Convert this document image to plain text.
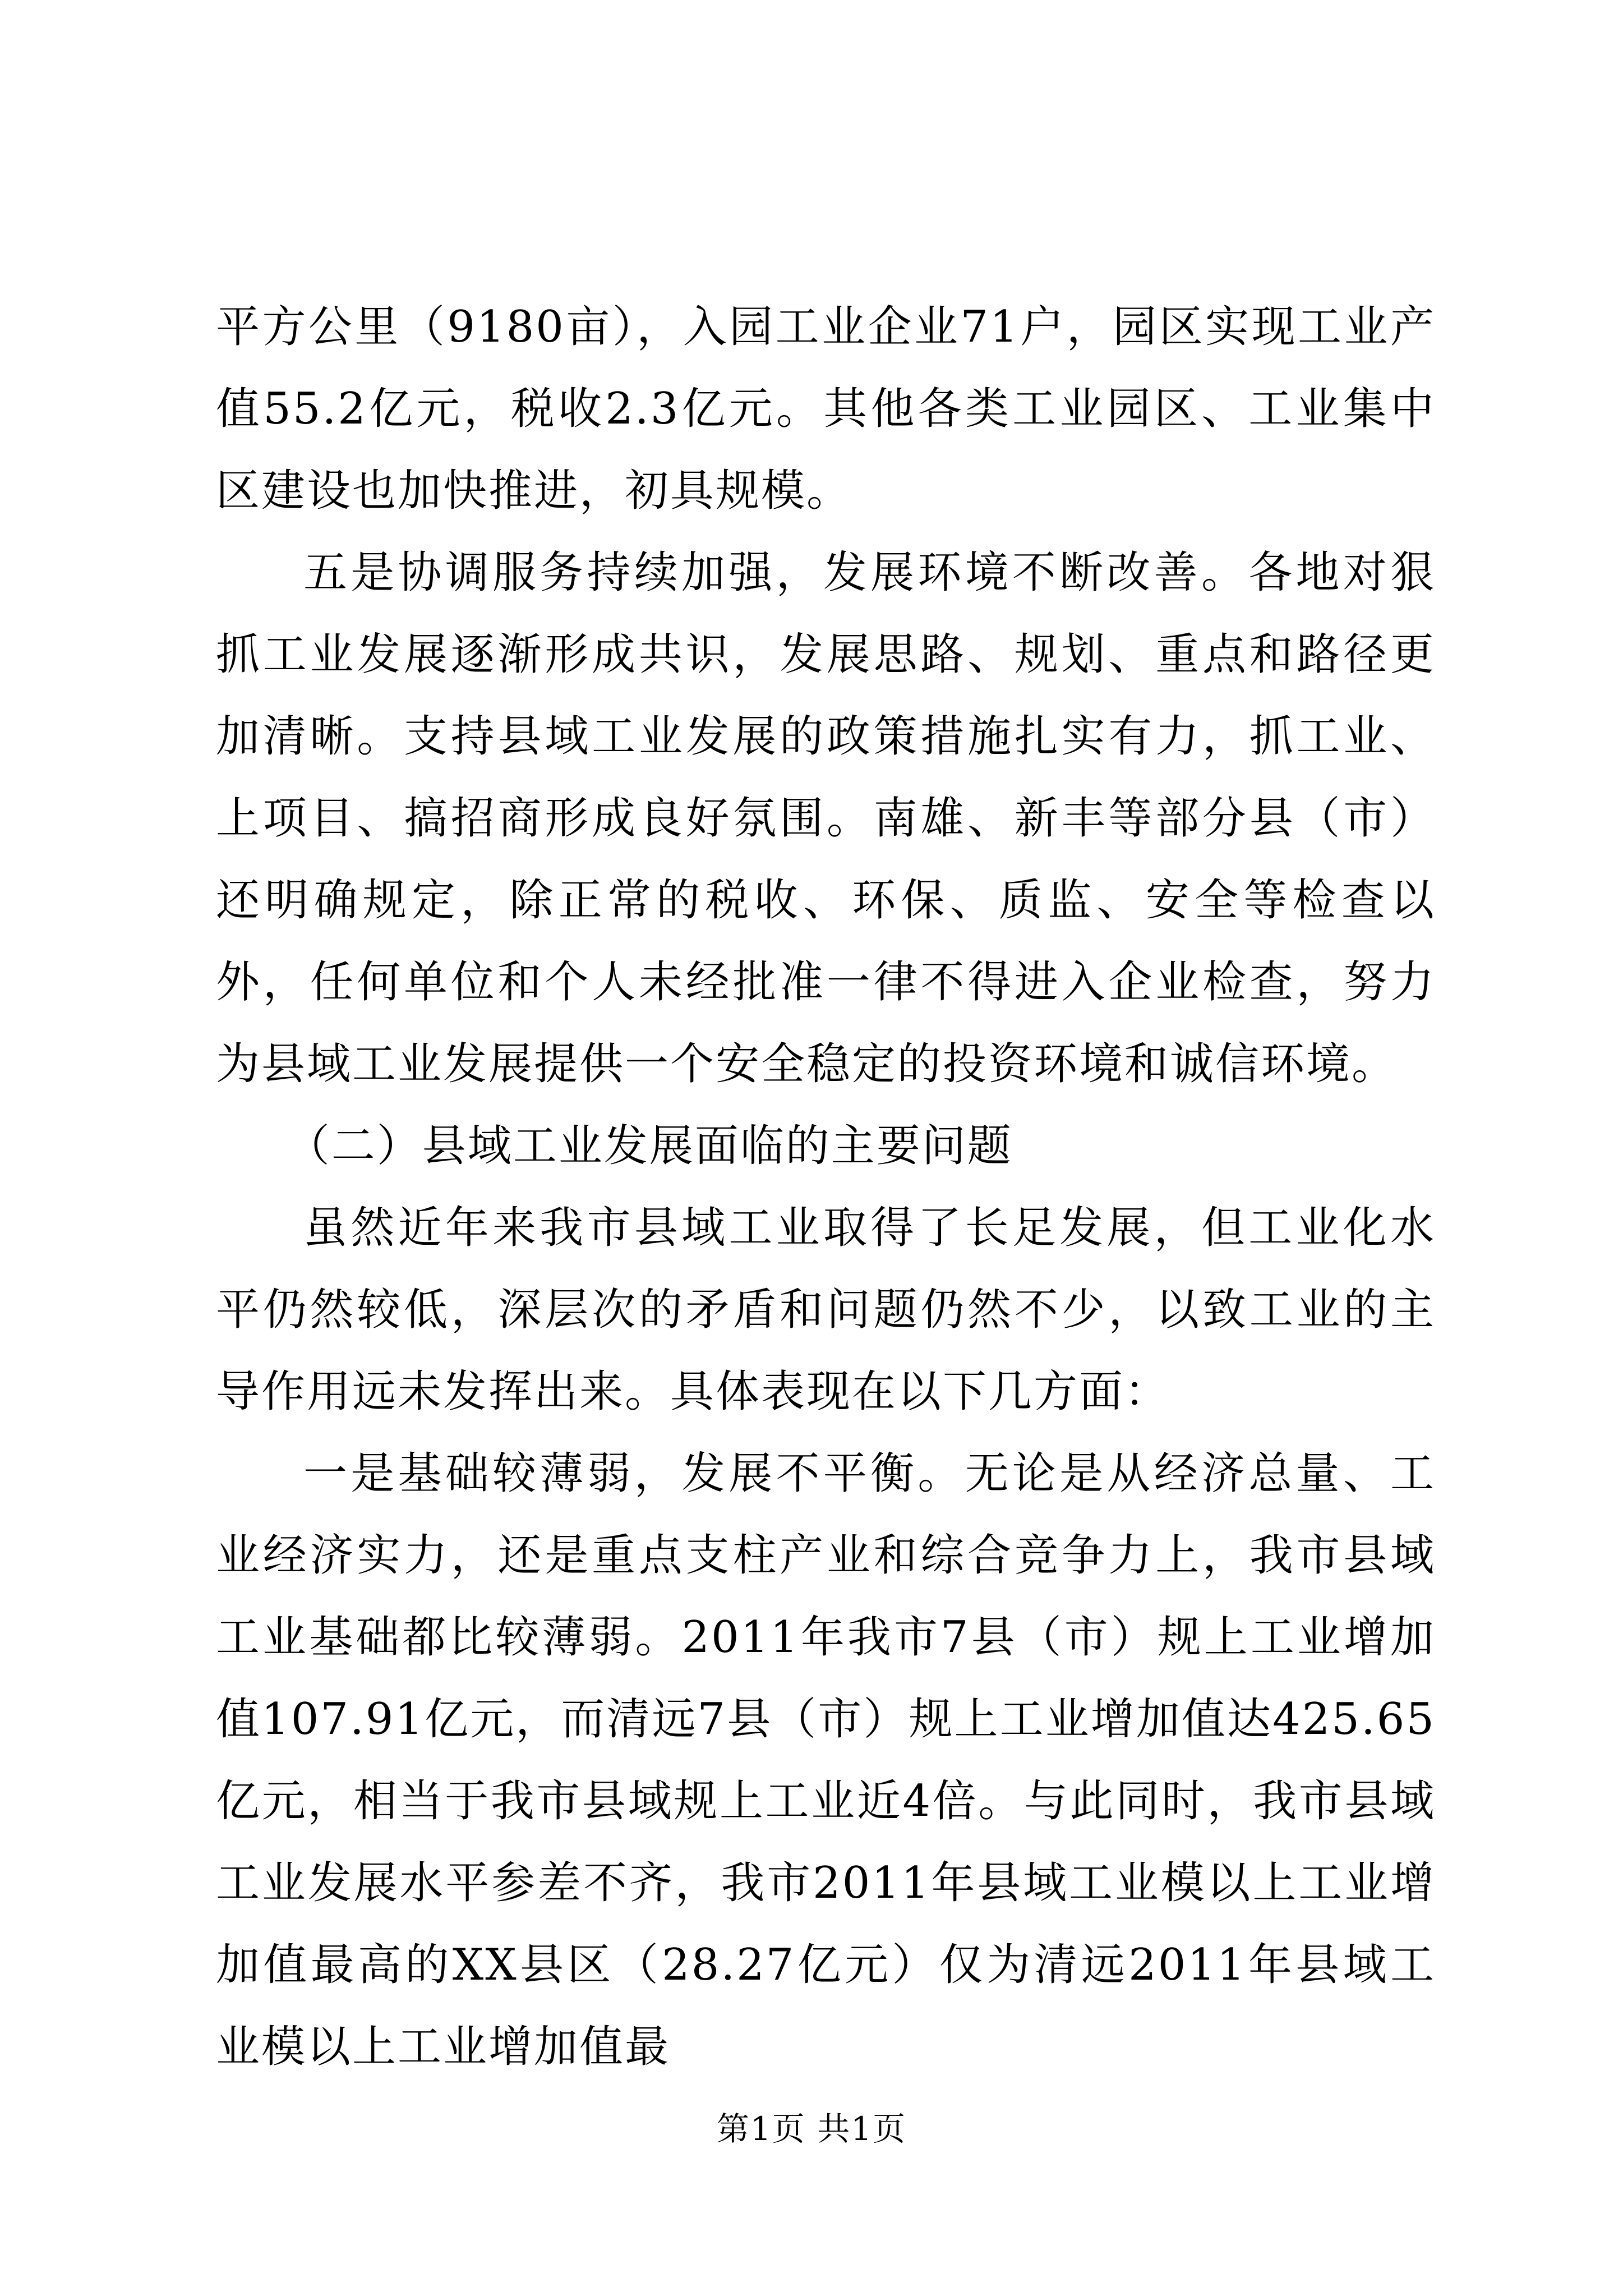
平方公里（9180亩），入园工业企业71户，园区实现工业产值55.2亿元，税收2.3亿元。其他各类工业园区、工业集中区建设也加快推进，初具规模。

五是协调服务持续加强，发展环境不断改善。各地对狠抓工业发展逐渐形成共识，发展思路、规划、重点和路径更加清晰。支持县域工业发展的政策措施扎实有力，抓工业、上项目、搞招商形成良好氛围。南雄、新丰等部分县（市）还明确规定，除正常的税收、环保、质监、安全等检查以外，任何单位和个人未经批准一律不得进入企业检查，努力为县域工业发展提供一个安全稳定的投资环境和诚信环境。

（二）县域工业发展面临的主要问题

虽然近年来我市县域工业取得了长足发展，但工业化水平仍然较低，深层次的矛盾和问题仍然不少，以致工业的主导作用远未发挥出来。具体表现在以下几方面：

一是基础较薄弱，发展不平衡。无论是从经济总量、工业经济实力，还是重点支柱产业和综合竞争力上，我市县域工业基础都比较薄弱。2011年我市7县（市）规上工业增加值107.91亿元，而清远7县（市）规上工业增加值达425.65亿元，相当于我市县域规上工业近4倍。与此同时，我市县域工业发展水平参差不齐，我市2011年县域工业模以上工业增加值最高的XX县区（28.27亿元）仅为清远2011年县域工业模以上工业增加值最

第1页 共1页
